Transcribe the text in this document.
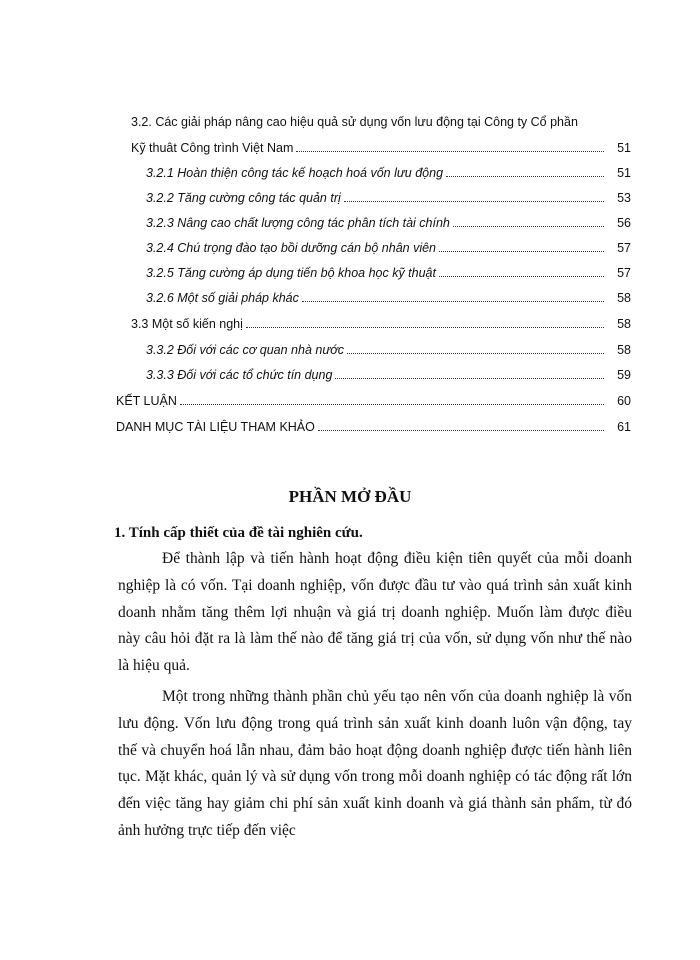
3.2. Các giải pháp nâng cao hiệu quả sử dụng vốn lưu động tại Công ty Cổ phần
Kỹ thuât Công trình Việt Nam	51
3.2.1 Hoàn thiện công tác kế hoạch hoá vốn lưu động	51
3.2.2 Tăng cường công tác quản trị	53
3.2.3 Nâng cao chất lượng công tác phân tích tài chính	56
3.2.4 Chú trọng đào tạo bồi dưỡng cán bộ nhân viên	57
3.2.5 Tăng cường áp dụng tiến bộ khoa học kỹ thuật	57
3.2.6 Một số giải pháp khác	58
3.3 Một số kiến nghị	58
3.3.2 Đối với các cơ quan nhà nước	58
3.3.3 Đối với các tổ chức tín dụng	59
KẾT LUẬN	60
DANH MỤC TÀI LIỆU THAM KHẢO	61
PHẦN MỞ ĐẦU
1. Tính cấp thiết của đề tài nghiên cứu.

Để thành lập và tiến hành hoạt động điều kiện tiên quyết của mỗi doanh nghiệp là có vốn. Tại doanh nghiệp, vốn được đầu tư vào quá trình sản xuất kinh doanh nhằm tăng thêm lợi nhuận và giá trị doanh nghiệp. Muốn làm được điều này câu hỏi đặt ra là làm thế nào để tăng giá trị của vốn, sử dụng vốn như thế nào là hiệu quả.

Một trong những thành phần chủ yếu tạo nên vốn của doanh nghiệp là vốn lưu động. Vốn lưu động trong quá trình sản xuất kinh doanh luôn vận động, tay thế và chuyển hoá lẫn nhau, đảm bảo hoạt động doanh nghiệp được tiến hành liên tục. Mặt khác, quản lý và sử dụng vốn trong mỗi doanh nghiệp có tác động rất lớn đến việc tăng hay giảm chi phí sản xuất kinh doanh và giá thành sản phẩm, từ đó ảnh hưởng trực tiếp đến việc
